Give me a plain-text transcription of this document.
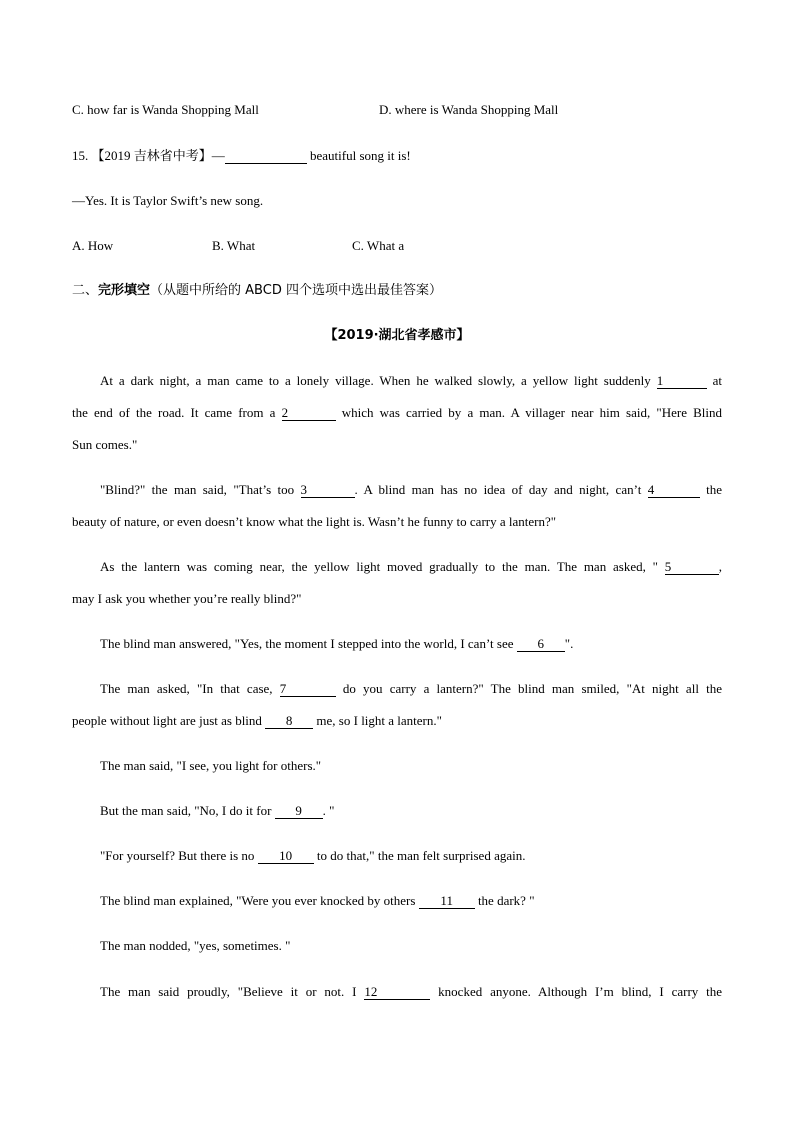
C. how far is Wanda Shopping Mall	D. where is Wanda Shopping Mall
15. 【2019 吉林省中考】—	beautiful song it is!
—Yes. It is Taylor Swift’s new song.
A. How	B. What	C. What a
二、完形填空（从题中所给的 ABCD 四个选项中选出最佳答案）
【2019·湖北省孝感市】
At a dark night, a man came to a lonely village. When he walked slowly, a yellow light suddenly 1	at
the end of the road. It came from a 2	which was carried by a man. A villager near him said, "Here Blind
Sun comes."
"Blind?" the man said, "That’s too 3	. A blind man has no idea of day and night, can’t 4	the
beauty of nature, or even doesn’t know what the light is. Wasn’t he funny to carry a lantern?"
As the lantern was coming near, the yellow light moved gradually to the man. The man asked, " 5	,
may I ask you whether you’re really blind?"
The blind man answered, "Yes, the moment I stepped into the world, I can’t see 6 ".
The man asked, "In that case, 7	do you carry a lantern?" The blind man smiled, "At night all the
people without light are just as blind 8 me, so I light a lantern."
The man said, "I see, you light for others."
But the man said, "No, I do it for 9 . "
"For yourself? But there is no 10 to do that," the man felt surprised again.
The blind man explained, "Were you ever knocked by others 11 the dark? "
The man nodded, "yes, sometimes. "
The man said proudly, "Believe it or not. I 12	knocked anyone. Although I’m blind, I carry the
